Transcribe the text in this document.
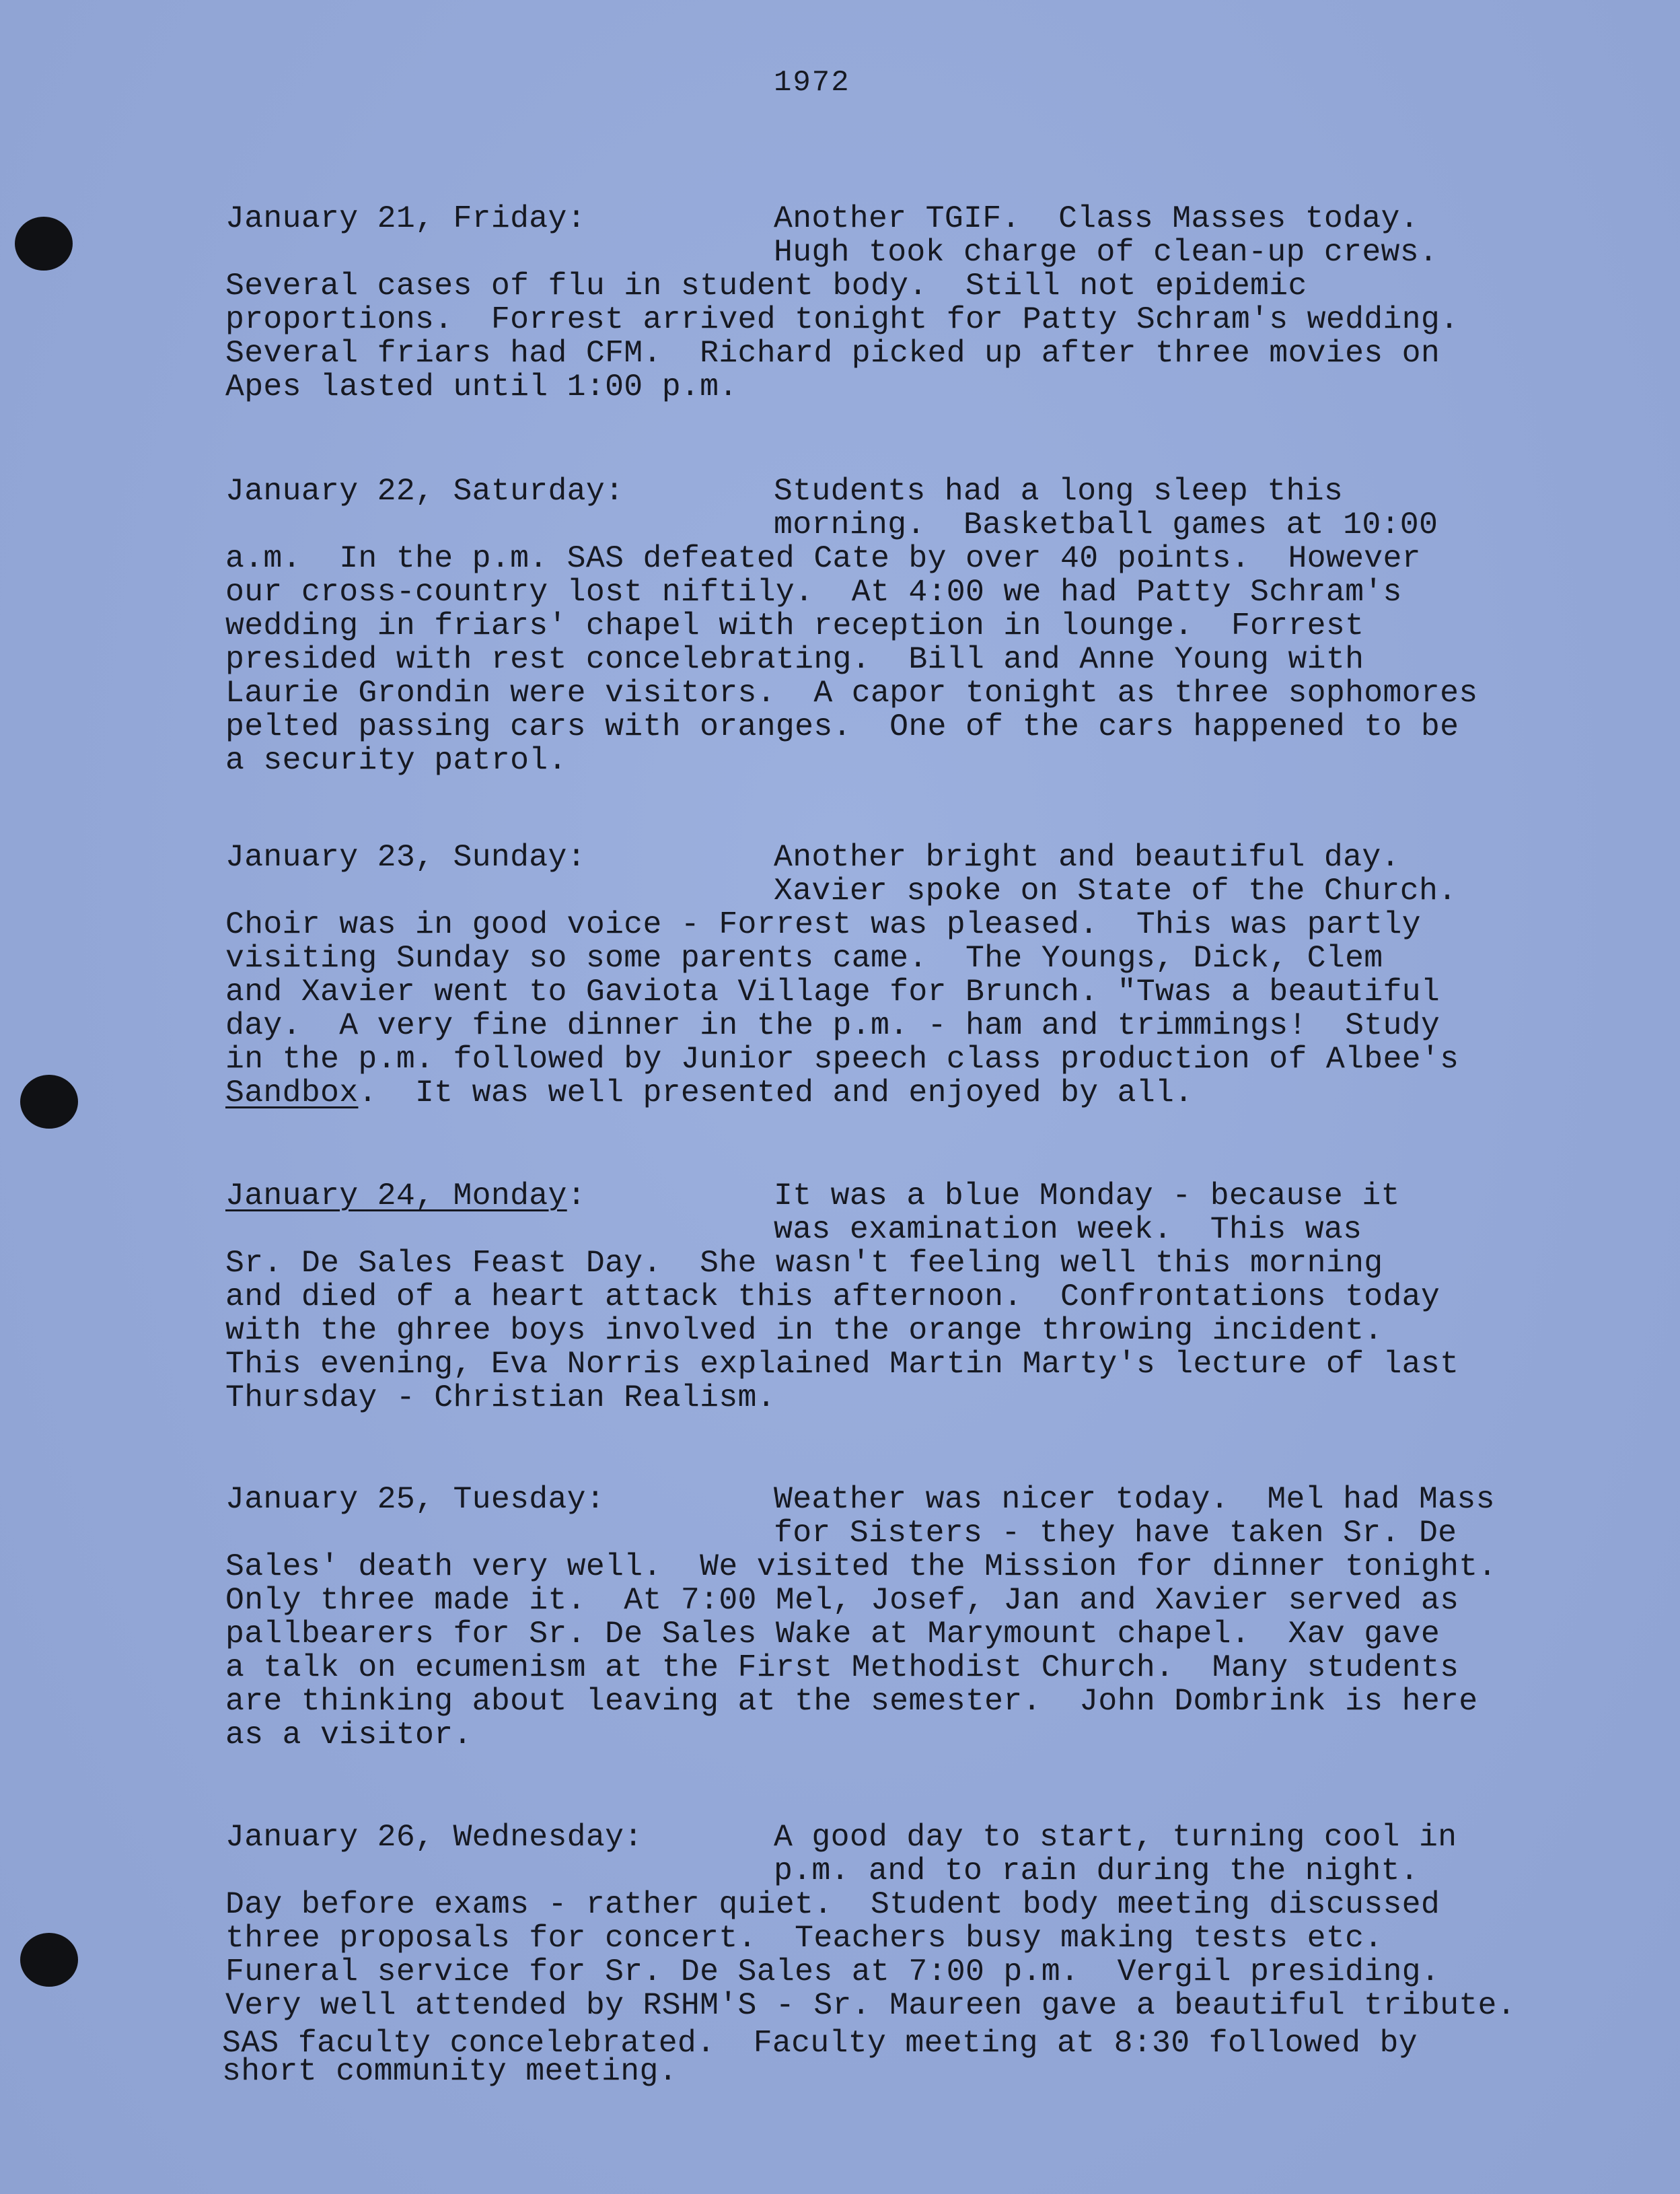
1972

January 21, Friday:

	Another TGIF.  Class Masses today.

Hugh took charge of clean-up crews.
Several cases of flu in student body.  Still not epidemic
proportions.  Forrest arrived tonight for Patty Schram's wedding.
Several friars had CFM.  Richard picked up after three movies on
Apes lasted until 1:00 p.m.

January 22, Saturday:

	Students had a long sleep this

morning.  Basketball games at 10:00
a.m.  In the p.m. SAS defeated Cate by over 40 points.  However
our cross-country lost niftily.  At 4:00 we had Patty Schram's
wedding in friars' chapel with reception in lounge.  Forrest
presided with rest concelebrating.  Bill and Anne Young with
Laurie Grondin were visitors.  A capor tonight as three sophomores
pelted passing cars with oranges.  One of the cars happened to be
a security patrol.

January 23, Sunday:

	Another bright and beautiful day.

Xavier spoke on State of the Church.
Choir was in good voice - Forrest was pleased.  This was partly
visiting Sunday so some parents came.  The Youngs, Dick, Clem
and Xavier went to Gaviota Village for Brunch. "Twas a beautiful
day.  A very fine dinner in the p.m. - ham and trimmings!  Study
in the p.m. followed by Junior speech class production of Albee's
Sandbox.  It was well presented and enjoyed by all.

January 24, Monday:

	It was a blue Monday - because it

was examination week.  This was
Sr. De Sales Feast Day.  She wasn't feeling well this morning
and died of a heart attack this afternoon.  Confrontations today
with the ghree boys involved in the orange throwing incident.
This evening, Eva Norris explained Martin Marty's lecture of last
Thursday - Christian Realism.

January 25, Tuesday:

	Weather was nicer today.  Mel had Mass

for Sisters - they have taken Sr. De
Sales' death very well.  We visited the Mission for dinner tonight.
Only three made it.  At 7:00 Mel, Josef, Jan and Xavier served as
pallbearers for Sr. De Sales Wake at Marymount chapel.  Xav gave
a talk on ecumenism at the First Methodist Church.  Many students
are thinking about leaving at the semester.  John Dombrink is here
as a visitor.

January 26, Wednesday:

	A good day to start, turning cool in

p.m. and to rain during the night.
Day before exams - rather quiet.  Student body meeting discussed
three proposals for concert.  Teachers busy making tests etc.
Funeral service for Sr. De Sales at 7:00 p.m.  Vergil presiding.
Very well attended by RSHM'S - Sr. Maureen gave a beautiful tribute.
SAS faculty concelebrated.  Faculty meeting at 8:30 followed by
short community meeting.
